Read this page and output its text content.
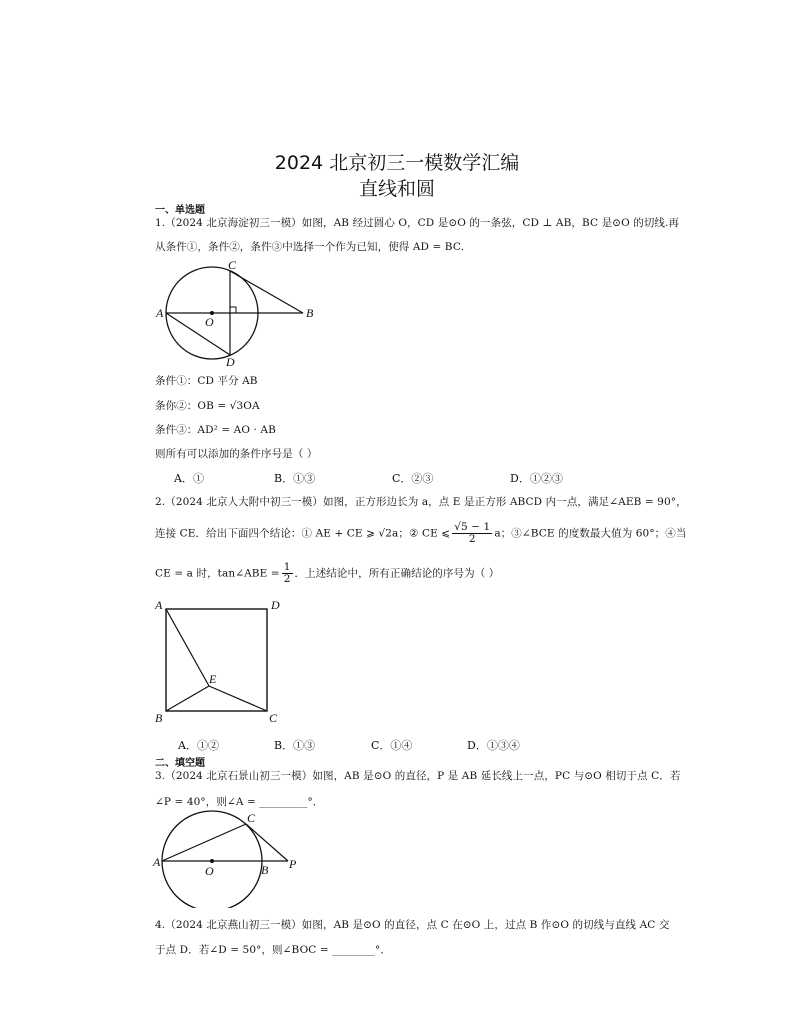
2024 北京初三一模数学汇编
直线和圆
一、单选题
1.（2024 北京海淀初三一模）如图，AB 经过圆心 O，CD 是⊙O 的一条弦，CD ⊥ AB，BC 是⊙O 的切线.再
从条件①，条件②，条件③中选择一个作为已知，使得 AD = BC.
A	B
C
D
O
条件①：CD 平分 AB
条你②：OB = √3OA
条件③：AD² = AO · AB
则所有可以添加的条件序号是（ ）
A．①	B．①③	C．②③	D．①②③
2.（2024 北京人大附中初三一模）如图，正方形边长为 a，点 E 是正方形 ABCD 内一点，满足∠AEB = 90°，
连接 CE．给出下面四个结论：① AE + CE ⩾ √2a；② CE ⩽ $\frac{√5 - 1}{2}$ a；③∠BCE 的度数最大值为 60°；④当
CE = a 时，tan∠ABE = $\frac{1}{2}$ ．上述结论中，所有正确结论的序号为（ ）
A	D
B	C
E
A．①②	B．①③	C．①④	D．①③④
二、填空题
3.（2024 北京石景山初三一模）如图，AB 是⊙O 的直径，P 是 AB 延长线上一点，PC 与⊙O 相切于点 C．若
∠P = 40°，则∠A = _________°．
A
C
B P
O
4.（2024 北京燕山初三一模）如图，AB 是⊙O 的直径，点 C 在⊙O 上，过点 B 作⊙O 的切线与直线 AC 交
于点 D．若∠D = 50°，则∠BOC = ________°．
